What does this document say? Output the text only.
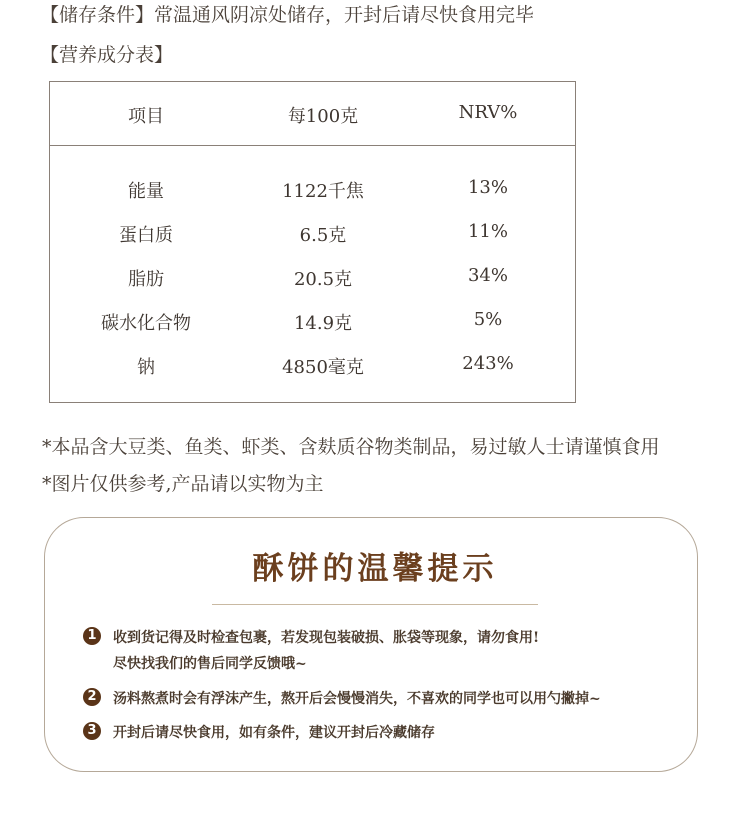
【储存条件】常温通风阴凉处储存，开封后请尽快食用完毕
【营养成分表】
项目	每100克	NRV%
能量	1122千焦	13%
蛋白质	6.5克	11%
脂肪	20.5克	34%
碳水化合物	14.9克	5%
钠	4850毫克	243%
*本品含大豆类、鱼类、虾类、含麸质谷物类制品，易过敏人士请谨慎食用
*图片仅供参考,产品请以实物为主
酥饼的温馨提示
1	收到货记得及时检查包裹，若发现包装破损、胀袋等现象，请勿食用!
尽快找我们的售后同学反馈哦~
2	汤料熬煮时会有浮沫产生，熬开后会慢慢消失，不喜欢的同学也可以用勺撇掉~
3	开封后请尽快食用，如有条件，建议开封后冷藏储存
